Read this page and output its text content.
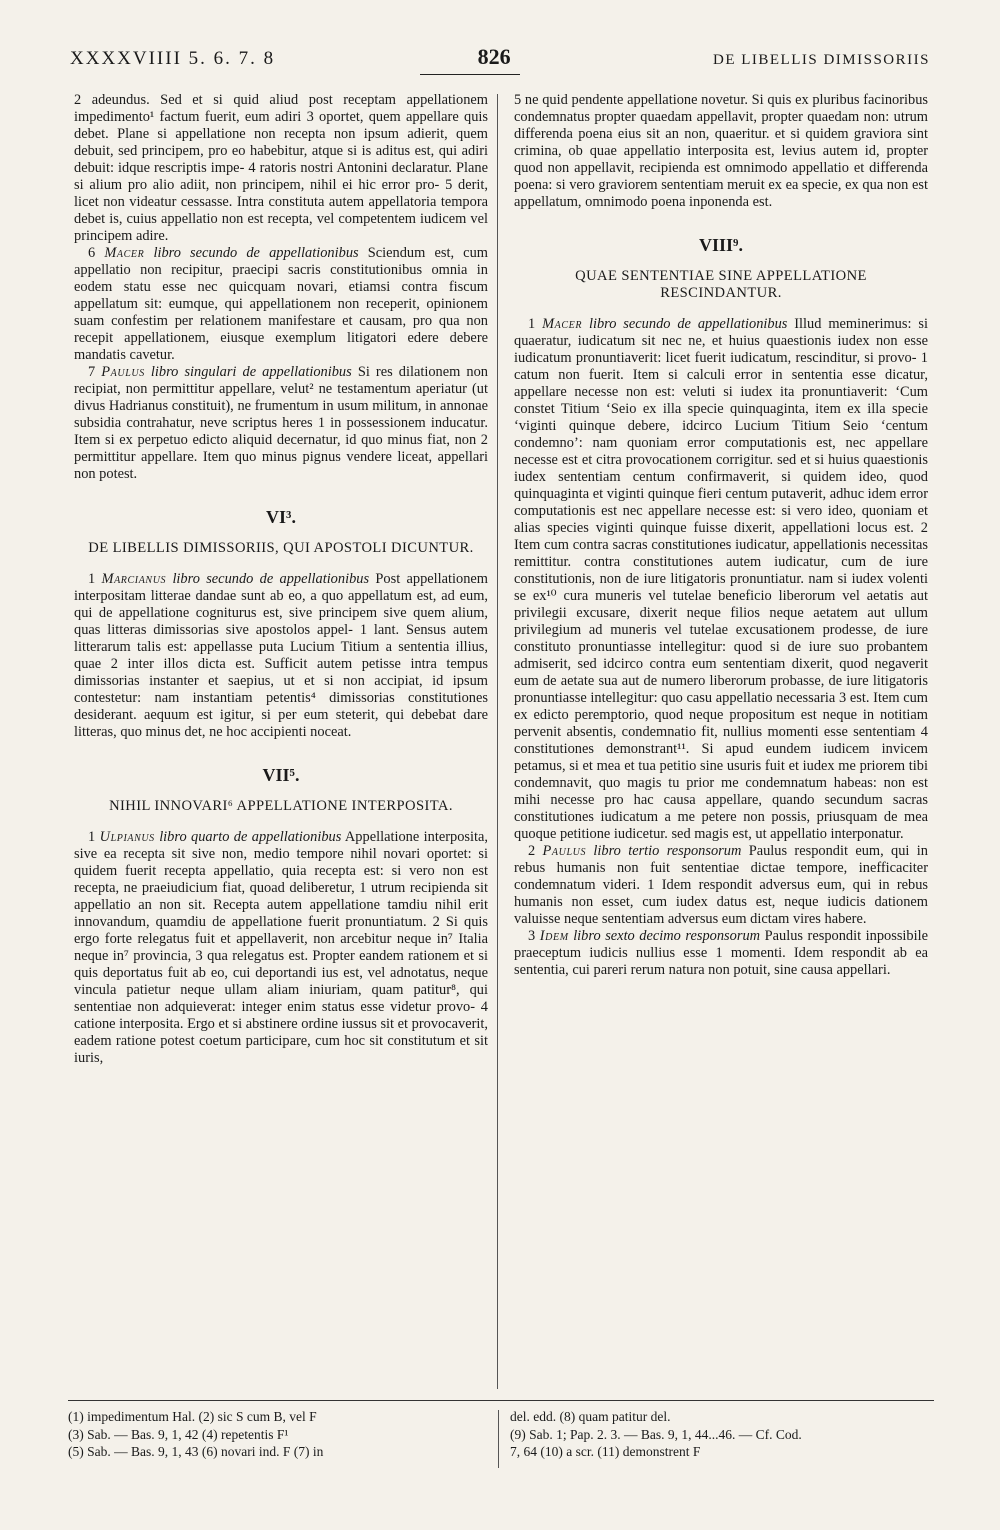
XXXXVIIII 5. 6. 7. 8	826	DE LIBELLIS DIMISSORIIS

2 adeundus. Sed et si quid aliud post receptam appellationem impedimento¹ factum fuerit, eum adiri 3 oportet, quem appellare quis debet. Plane si appellatione non recepta non ipsum adierit, quem debuit, sed principem, pro eo habebitur, atque si is aditus est, qui adiri debuit: idque rescriptis impe- 4 ratoris nostri Antonini declaratur. Plane si alium pro alio adiit, non principem, nihil ei hic error pro- 5 derit, licet non videatur cessasse. Intra constituta autem appellatoria tempora debet is, cuius appellatio non est recepta, vel competentem iudicem vel principem adire.

6 Macer libro secundo de appellationibus Sciendum est, cum appellatio non recipitur, praecipi sacris constitutionibus omnia in eodem statu esse nec quicquam novari, etiamsi contra fiscum appellatum sit: eumque, qui appellationem non receperit, opinionem suam confestim per relationem manifestare et causam, pro qua non recepit appellationem, eiusque exemplum litigatori edere debere mandatis cavetur.

7 Paulus libro singulari de appellationibus Si res dilationem non recipiat, non permittitur appellare, velut² ne testamentum aperiatur (ut divus Hadrianus constituit), ne frumentum in usum militum, in annonae subsidia contrahatur, neve scriptus heres 1 in possessionem inducatur. Item si ex perpetuo edicto aliquid decernatur, id quo minus fiat, non 2 permittitur appellare. Item quo minus pignus vendere liceat, appellari non potest.

VI³.
DE LIBELLIS DIMISSORIIS, QUI APOSTOLI DICUNTUR.

1 Marcianus libro secundo de appellationibus Post appellationem interpositam litterae dandae sunt ab eo, a quo appellatum est, ad eum, qui de appellatione cogniturus est, sive principem sive quem alium, quas litteras dimissorias sive apostolos appel- 1 lant. Sensus autem litterarum talis est: appellasse puta Lucium Titium a sententia illius, quae 2 inter illos dicta est. Sufficit autem petisse intra tempus dimissorias instanter et saepius, ut et si non accipiat, id ipsum contestetur: nam instantiam petentis⁴ dimissorias constitutiones desiderant. aequum est igitur, si per eum steterit, qui debebat dare litteras, quo minus det, ne hoc accipienti noceat.

VII⁵.
NIHIL INNOVARI⁶ APPELLATIONE INTERPOSITA.

1 Ulpianus libro quarto de appellationibus Appellatione interposita, sive ea recepta sit sive non, medio tempore nihil novari oportet: si quidem fuerit recepta appellatio, quia recepta est: si vero non est recepta, ne praeiudicium fiat, quoad deliberetur, 1 utrum recipienda sit appellatio an non sit. Recepta autem appellatione tamdiu nihil erit innovandum, quamdiu de appellatione fuerit pronuntiatum. 2 Si quis ergo forte relegatus fuit et appellaverit, non arcebitur neque in⁷ Italia neque in⁷ provincia, 3 qua relegatus est. Propter eandem rationem et si quis deportatus fuit ab eo, cui deportandi ius est, vel adnotatus, neque vincula patietur neque ullam aliam iniuriam, quam patitur⁸, qui sententiae non adquieverat: integer enim status esse videtur provo- 4 catione interposita. Ergo et si abstinere ordine iussus sit et provocaverit, eadem ratione potest coetum participare, cum hoc sit constitutum et sit iuris,

5 ne quid pendente appellatione novetur. Si quis ex pluribus facinoribus condemnatus propter quaedam appellavit, propter quaedam non: utrum differenda poena eius sit an non, quaeritur. et si quidem graviora sint crimina, ob quae appellatio interposita est, levius autem id, propter quod non appellavit, recipienda est omnimodo appellatio et differenda poena: si vero graviorem sententiam meruit ex ea specie, ex qua non est appellatum, omnimodo poena inponenda est.

VIII⁹.
QUAE SENTENTIAE SINE APPELLATIONE RESCINDANTUR.

1 Macer libro secundo de appellationibus Illud meminerimus: si quaeratur, iudicatum sit nec ne, et huius quaestionis iudex non esse iudicatum pronuntiaverit: licet fuerit iudicatum, rescinditur, si provo- 1 catum non fuerit. Item si calculi error in sententia esse dicatur, appellare necesse non est: veluti si iudex ita pronuntiaverit: ‘Cum constet Titium ‘Seio ex illa specie quinquaginta, item ex illa specie ‘viginti quinque debere, idcirco Lucium Titium Seio ‘centum condemno’: nam quoniam error computationis est, nec appellare necesse est et citra provocationem corrigitur. sed et si huius quaestionis iudex sententiam centum confirmaverit, si quidem ideo, quod quinquaginta et viginti quinque fieri centum putaverit, adhuc idem error computationis est nec appellare necesse est: si vero ideo, quoniam et alias species viginti quinque fuisse dixerit, appellationi locus est. 2 Item cum contra sacras constitutiones iudicatur, appellationis necessitas remittitur. contra constitutiones autem iudicatur, cum de iure constitutionis, non de iure litigatoris pronuntiatur. nam si iudex volenti se ex¹⁰ cura muneris vel tutelae beneficio liberorum vel aetatis aut privilegii excusare, dixerit neque filios neque aetatem aut ullum privilegium ad muneris vel tutelae excusationem prodesse, de iure constituto pronuntiasse intellegitur: quod si de iure suo probantem admiserit, sed idcirco contra eum sententiam dixerit, quod negaverit eum de aetate sua aut de numero liberorum probasse, de iure litigatoris pronuntiasse intellegitur: quo casu appellatio necessaria 3 est. Item cum ex edicto peremptorio, quod neque propositum est neque in notitiam pervenit absentis, condemnatio fit, nullius momenti esse sententiam 4 constitutiones demonstrant¹¹. Si apud eundem iudicem invicem petamus, si et mea et tua petitio sine usuris fuit et iudex me priorem tibi condemnavit, quo magis tu prior me condemnatum habeas: non est mihi necesse pro hac causa appellare, quando secundum sacras constitutiones iudicatum a me petere non possis, priusquam de mea quoque petitione iudicetur. sed magis est, ut appellatio interponatur.

2 Paulus libro tertio responsorum Paulus respondit eum, qui in rebus humanis non fuit sententiae dictae tempore, inefficaciter condemnatum videri. 1 Idem respondit adversus eum, qui in rebus humanis non esset, cum iudex datus est, neque iudicis dationem valuisse neque sententiam adversus eum dictam vires habere.

3 Idem libro sexto decimo responsorum Paulus respondit inpossibile praeceptum iudicis nullius esse 1 momenti. Idem respondit ab ea sententia, cui pareri rerum natura non potuit, sine causa appellari.

(1) impedimentum Hal. (2) sic S cum B, vel F
(3) Sab. — Bas. 9, 1, 42 (4) repetentis F¹
(5) Sab. — Bas. 9, 1, 43 (6) novari ind. F (7) in
del. edd. (8) quam patitur del.
(9) Sab. 1; Pap. 2. 3. — Bas. 9, 1, 44...46. — Cf. Cod.
7, 64 (10) a scr. (11) demonstrent F
